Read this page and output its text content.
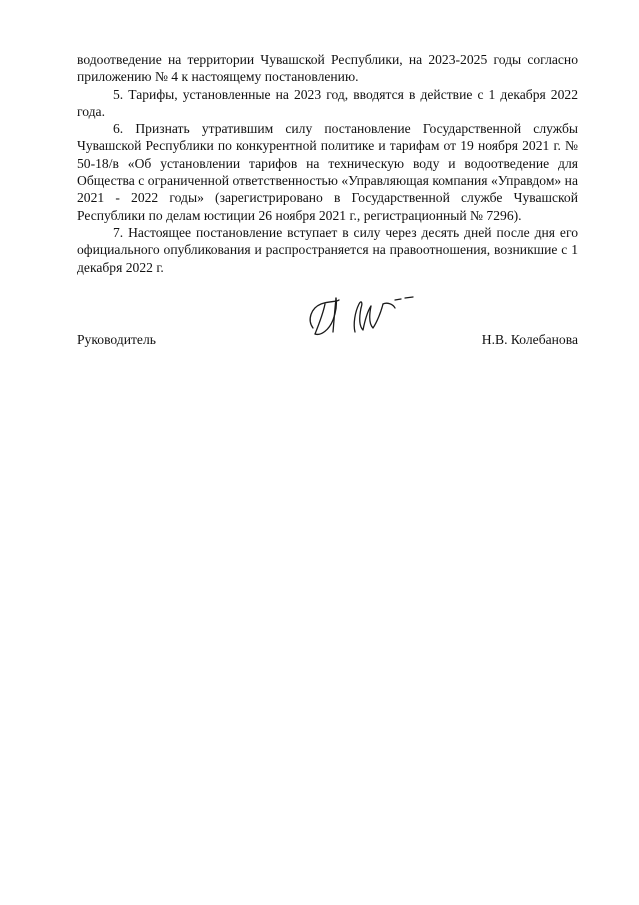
водоотведение на территории Чувашской Республики, на 2023-2025 годы согласно приложению № 4 к настоящему постановлению.

5. Тарифы, установленные на 2023 год, вводятся в действие с 1 декабря 2022 года.

6. Признать утратившим силу постановление Государственной службы Чувашской Республики по конкурентной политике и тарифам от 19 ноября 2021 г. № 50-18/в «Об установлении тарифов на техническую воду и водоотведение для Общества с ограниченной ответственностью «Управляющая компания «Управдом» на 2021 - 2022 годы» (зарегистрировано в Государственной службе Чувашской Республики по делам юстиции 26 ноября 2021 г., регистрационный № 7296).

7. Настоящее постановление вступает в силу через десять дней после дня его официального опубликования и распространяется на правоотношения, возникшие с 1 декабря 2022 г.

Руководитель	Н.В. Колебанова
